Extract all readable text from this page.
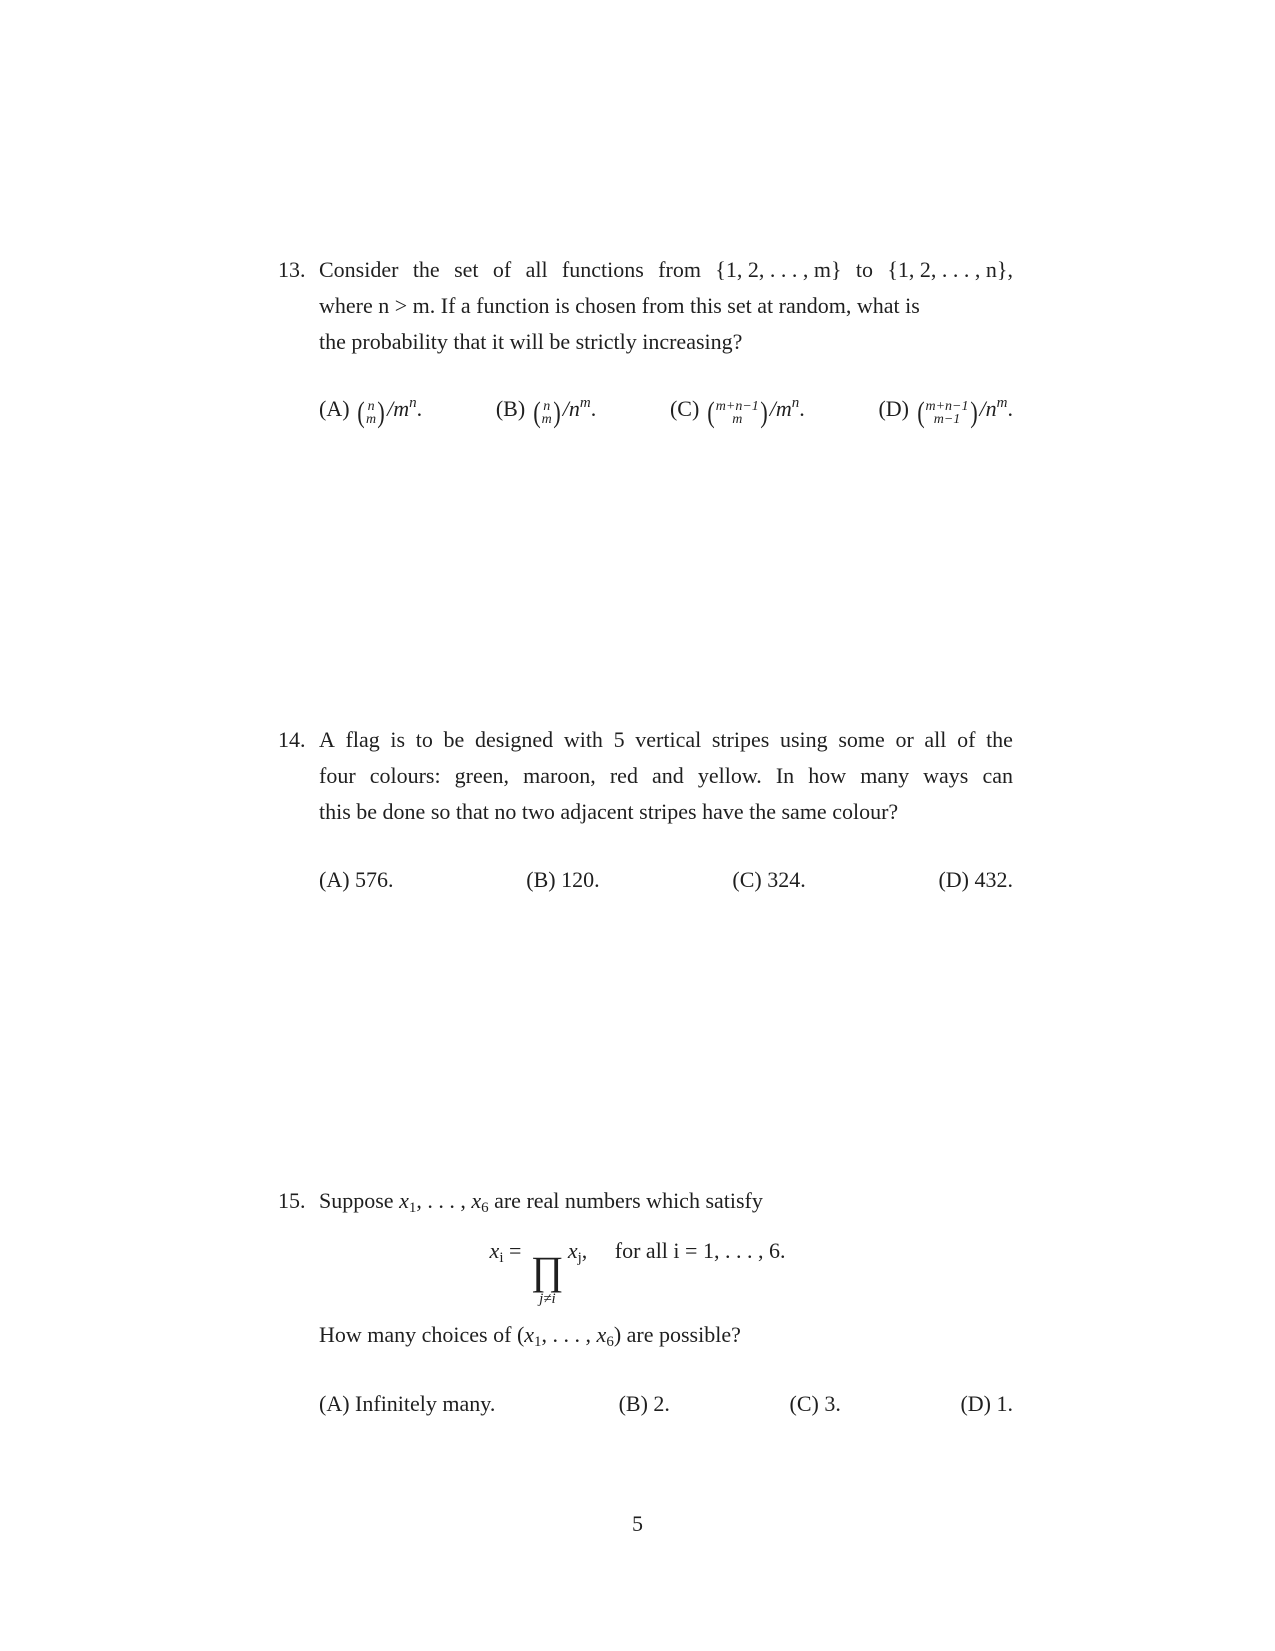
13. Consider the set of all functions from {1, 2, . . . , m} to {1, 2, . . . , n},
where n > m. If a function is chosen from this set at random, what is
the probability that it will be strictly increasing?
(A) ( n
m ) $/m^n$.	(B) ( n
m ) $/n^m$.	(C) ( m+n−1
m ) $/m^n$.	(D) ( m+n−1
m−1 ) $/n^m$.
14. A flag is to be designed with 5 vertical stripes using some or all of the
four colours: green, maroon, red and yellow. In how many ways can
this be done so that no two adjacent stripes have the same colour?
(A) 576.	(B) 120.	(C) 324.	(D) 432.
15. Suppose $x_1$, . . . , $x_6$ are real numbers which satisfy
$x_i$ = ∏
j≠i
$x_j$, for all i = 1, . . . , 6.
How many choices of ($x_1$, . . . , $x_6$) are possible?
(A) Infinitely many.	(B) 2.	(C) 3.	(D) 1.
5
